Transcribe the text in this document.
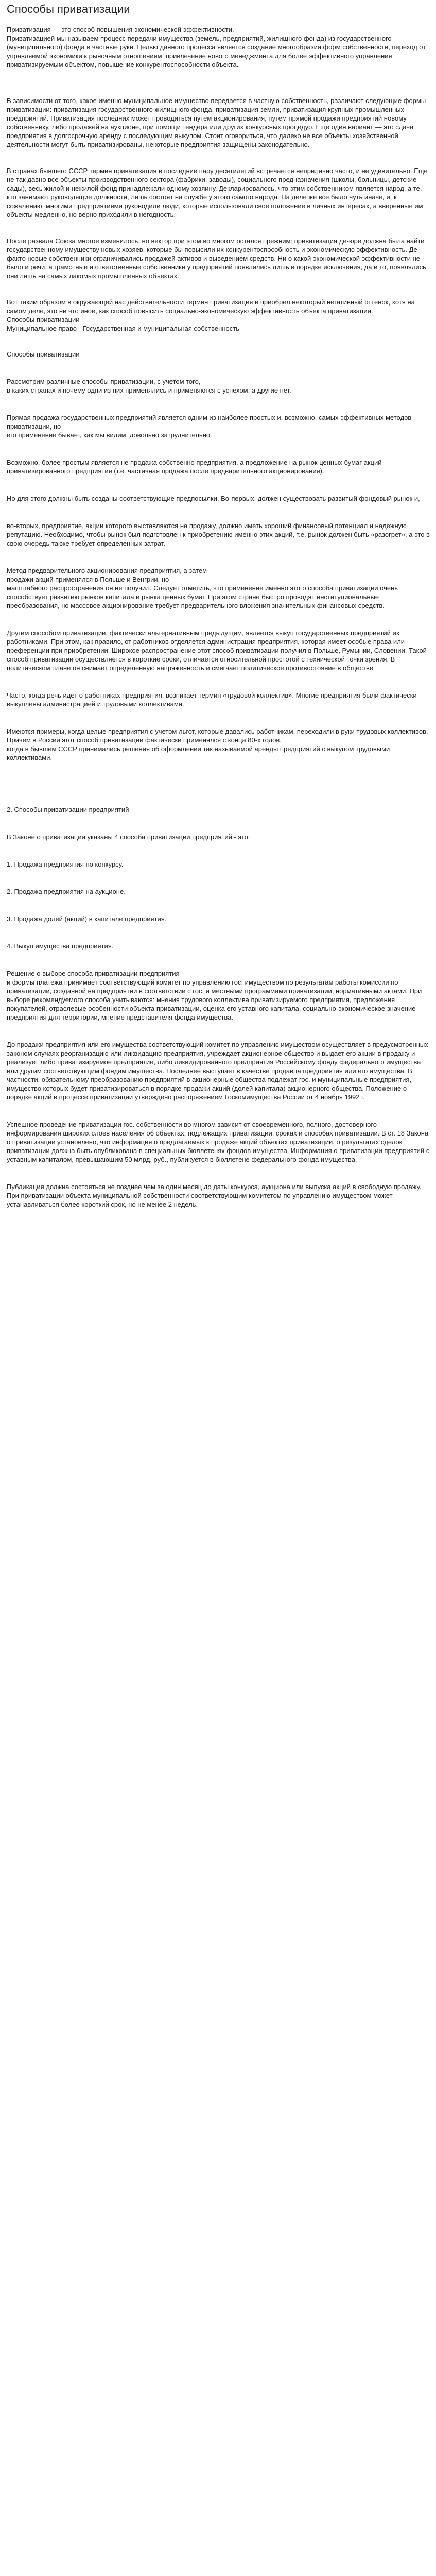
Способы приватизации

Приватизация — это способ повышения экономической эффективности.
Приватизацией мы называем процесс передачи имущества (земель, предприятий, жилищного фонда) из государственного (муниципального) фонда в частные руки. Целью данного процесса является создание многообразия форм собственности, переход от управляемой экономики к рыночным отношениям, привлечение нового менеджмента для более эффективного управления приватизируемым объектом, повышение конкурентоспособности объекта.

В зависимости от того, какое именно муниципальное имущество передается в частную собственность, различают следующие формы приватизации: приватизация государственного жилищного фонда, приватизация земли, приватизация крупных промышленных предприятий. Приватизация последних может проводиться путем акционирования, путем прямой продажи предприятий новому собственнику, либо продажей на аукционе, при помощи тендера или других конкурсных процедур. Еще один вариант — это сдача предприятия в долгосрочную аренду с последующим выкупом. Стоит оговориться, что далеко не все объекты хозяйственной деятельности могут быть приватизированы, некоторые предприятия защищены законодательно.

В странах бывшего СССР термин приватизация в последние пару десятилетий встречается неприлично часто, и не удивительно. Еще не так давно все объекты производственного сектора (фабрики, заводы), социального предназначения (школы, больницы, детские сады), весь жилой и нежилой фонд принадлежали одному хозяину. Декларировалось, что этим собственником является народ, а те, кто занимают руководящие должности, лишь состоят на службе у этого самого народа. На деле же все было чуть иначе, и, к сожалению, многими предприятиями руководили люди, которые использовали свое положение в личных интересах, а вверенные им объекты медленно, но верно приходили в негодность.

После развала Союза многое изменилось, но вектор при этом во многом остался прежним: приватизация де-юре должна была найти государственному имуществу новых хозяев, которые бы повысили их конкурентоспособность и экономическую эффективность. Де-факто новые собственники ограничивались продажей активов и выведением средств. Ни о какой экономической эффективности не было и речи, а грамотные и ответственные собственники у предприятий появлялись лишь в порядке исключения, да и то, появлялись они лишь на самых лакомых промышленных объектах.

Вот таким образом в окружающей нас действительности термин приватизация и приобрел некоторый негативный оттенок, хотя на самом деле, это ни что иное, как способ повысить социально-экономическую эффективность объекта приватизации.
Способы приватизации
Муниципальное право - Государственная и муниципальная собственность

Способы приватизации

Рассмотрим различные способы приватизации, с учетом того,
в каких странах и почему одни из них применялись и применяются с успехом, а другие нет.

Прямая продажа государственных предприятий является одним из наиболее простых и, возможно, самых эффективных методов приватизации, но
его применение бывает, как мы видим, довольно затруднительно.

Возможно, более простым является не продажа собственно предприятия, а предложение на рынок ценных бумаг акций приватизированного предприятия (т.е. частичная продажа после предварительного акционирования).

Но для этого должны быть созданы соответствующие предпосылки. Во-первых, должен существовать развитый фондовый рынок и,

во-вторых, предприятие, акции которого выставляются на продажу, должно иметь хороший финансовый потенциал и надежную репутацию. Необходимо, чтобы рынок был подготовлен к приобретению именно этих акций, т.е. рынок должен быть «разогрет», а это в свою очередь также требует определенных затрат.

Метод предварительного акционирования предприятия, а затем
продажи акций применялся в Польше и Венгрии, но
масштабного распространения он не получил. Следует отметить, что применение именно этого способа приватизации очень способствует развитию рынков капитала и рынка ценных бумаг. При этом стране быстро проводят институциональные преобразования, но массовое акционирование требует предварительного вложения значительных финансовых средств.

Другим способом приватизации, фактически альтернативным предыдущим, является выкуп государственных предприятий их работниками. При этом, как правило, от работников отделяется администрация предприятия, которая имеет особые права или преференции при приобретении. Широкое распространение этот способ приватизации получил в Польше, Румынии, Словении. Такой способ приватизации осуществляется в короткие сроки, отличается относительной простотой с технической точки зрения. В политическом плане он снимает определенную напряженность и смягчает политическое противостояние в обществе.

Часто, когда речь идет о работниках предприятия, возникает термин «трудовой коллектив». Многие предприятия были фактически
выкуплены администрацией и трудовыми коллективами.

Имеются примеры, когда целые предприятия с учетом льгот, которые давались работникам, переходили в руки трудовых коллективов. Причем в России этот способ приватизации фактически применялся с конца 80-х годов,
когда в бывшем СССР принимались решения об оформлении так называемой аренды предприятий с выкупом трудовыми коллективами.

2. Способы приватизации предприятий

В Законе о приватизации указаны 4 способа приватизации предприятий - это:

1. Продажа предприятия по конкурсу.

2. Продажа предприятия на аукционе.

3. Продажа долей (акций) в капитале предприятия.

4. Выкуп имущества предприятия.

Решение о выборе способа приватизации предприятия
и формы платежа принимает соответствующий комитет по управлению гос. имуществом по результатам работы комиссии по приватизации, созданной на предприятии в соответствии с гос. и местными программами приватизации, нормативными актами. При выборе рекомендуемого способа учитываются: мнения трудового коллектива приватизируемого предприятия, предложения покупателей, отраслевые особенности объекта приватизации, оценка его уставного капитала, социально-экономическое значение предприятия для территории, мнение представителя фонда имущества.

До продажи предприятия или его имущества соответствующий комитет по управлению имуществом осуществляет в предусмотренных законом случаях реорганизацию или ликвидацию предприятия, учреждает акционерное общество и выдает его акции в продажу и реализует либо приватизируемое предприятие, либо ликвидированного предприятия Российскому фонду федерального имущества или другим соответствующим фондам имущества. Последнее выступает в качестве продавца предприятия или его имущества. В частности, обязательному преобразованию предприятий в акционерные общества подлежат гос. и муниципальные предприятия, имущество которых будет приватизироваться в порядке продажи акций (долей капитала) акционерного общества. Положение о порядке акций в процессе приватизации утверждено распоряжением Госкомимущества России от 4 ноября 1992 г.

Успешное проведение приватизации гос. собственности во многом зависит от своевременного, полного, достоверного информирования широких слоев населения об объектах, подлежащих приватизации, сроках и способах приватизации. В ст. 18 Закона о приватизации установлено, что информация о предлагаемых к продаже акций объектах приватизации, о результатах сделок приватизации должна быть опубликована в специальных бюллетенях фондов имущества. Информация о приватизации предприятий с уставным капиталом, превышающим 50 млрд. руб., публикуется в бюллетене федерального фонда имущества.

Публикация должна состояться не позднее чем за один месяц до даты конкурса, аукциона или выпуска акций в свободную продажу.
При приватизации объекта муниципальной собственности соответствующим комитетом по управлению имуществом может устанавливаться более короткий срок, но не менее 2 недель.
